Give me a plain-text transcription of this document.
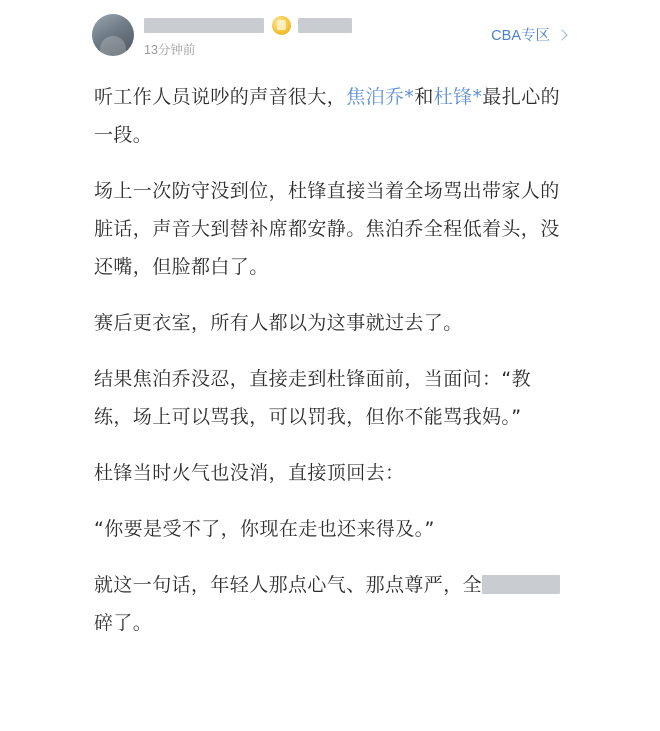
13分钟前
CBA专区

听工作人员说吵的声音很大，焦泊乔*和杜锋*最扎心的一段。

场上一次防守没到位，杜锋直接当着全场骂出带家人的脏话，声音大到替补席都安静。焦泊乔全程低着头，没还嘴，但脸都白了。

赛后更衣室，所有人都以为这事就过去了。

结果焦泊乔没忍，直接走到杜锋面前，当面问：“教练，场上可以骂我，可以罚我，但你不能骂我妈。”

杜锋当时火气也没消，直接顶回去：

“你要是受不了，你现在走也还来得及。”

就这一句话，年轻人那点心气、那点尊严，全碎了。
